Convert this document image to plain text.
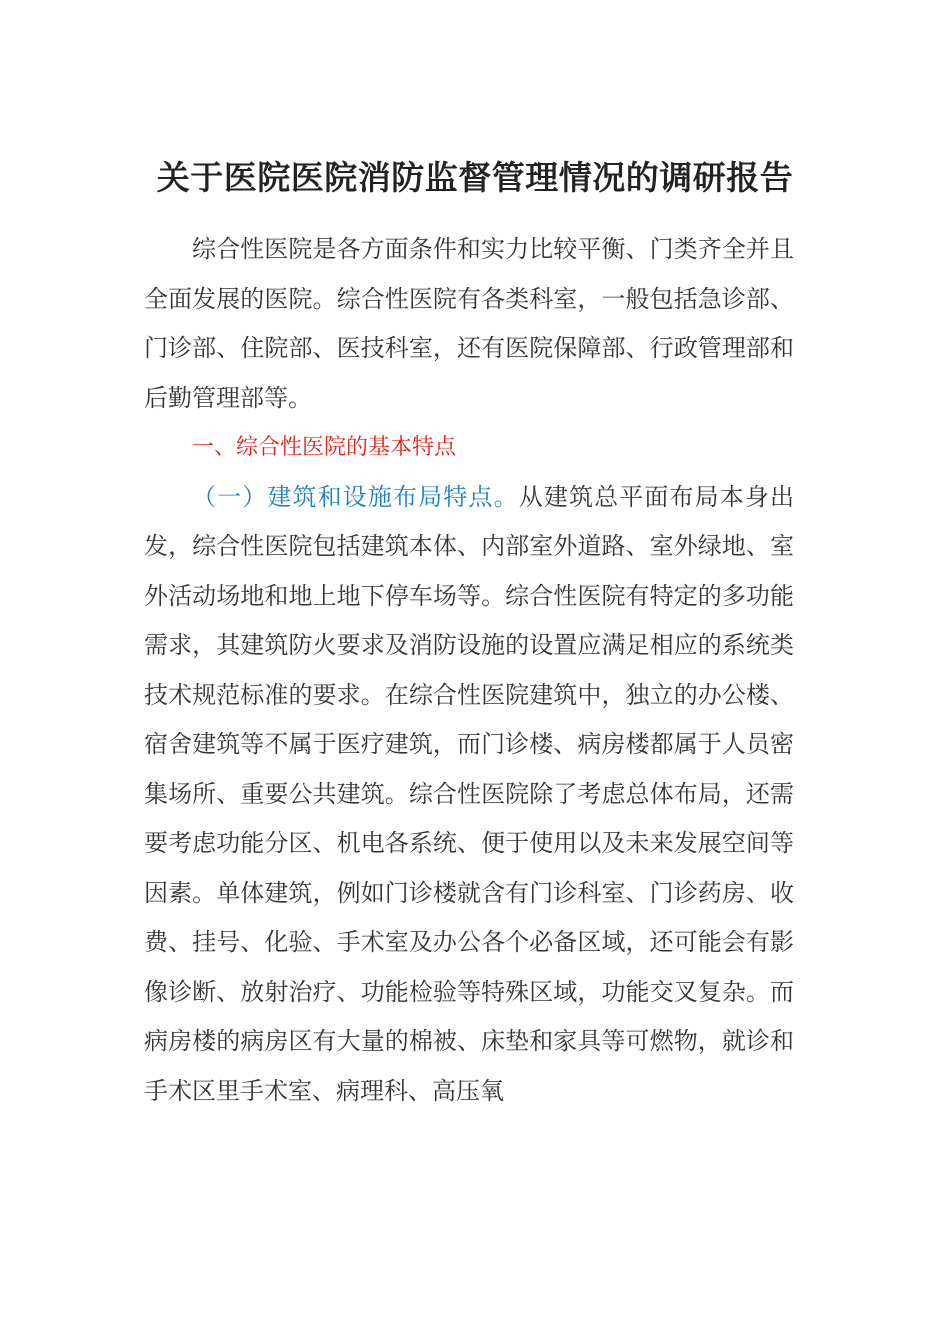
关于医院医院消防监督管理情况的调研报告

综合性医院是各方面条件和实力比较平衡、门类齐全并且全面发展的医院。综合性医院有各类科室，一般包括急诊部、门诊部、住院部、医技科室，还有医院保障部、行政管理部和后勤管理部等。

一、综合性医院的基本特点

（一）建筑和设施布局特点。从建筑总平面布局本身出发，综合性医院包括建筑本体、内部室外道路、室外绿地、室外活动场地和地上地下停车场等。综合性医院有特定的多功能需求，其建筑防火要求及消防设施的设置应满足相应的系统类技术规范标准的要求。在综合性医院建筑中，独立的办公楼、宿舍建筑等不属于医疗建筑，而门诊楼、病房楼都属于人员密集场所、重要公共建筑。综合性医院除了考虑总体布局，还需要考虑功能分区、机电各系统、便于使用以及未来发展空间等因素。单体建筑，例如门诊楼就含有门诊科室、门诊药房、收费、挂号、化验、手术室及办公各个必备区域，还可能会有影像诊断、放射治疗、功能检验等特殊区域，功能交叉复杂。而病房楼的病房区有大量的棉被、床垫和家具等可燃物，就诊和手术区里手术室、病理科、高压氧
